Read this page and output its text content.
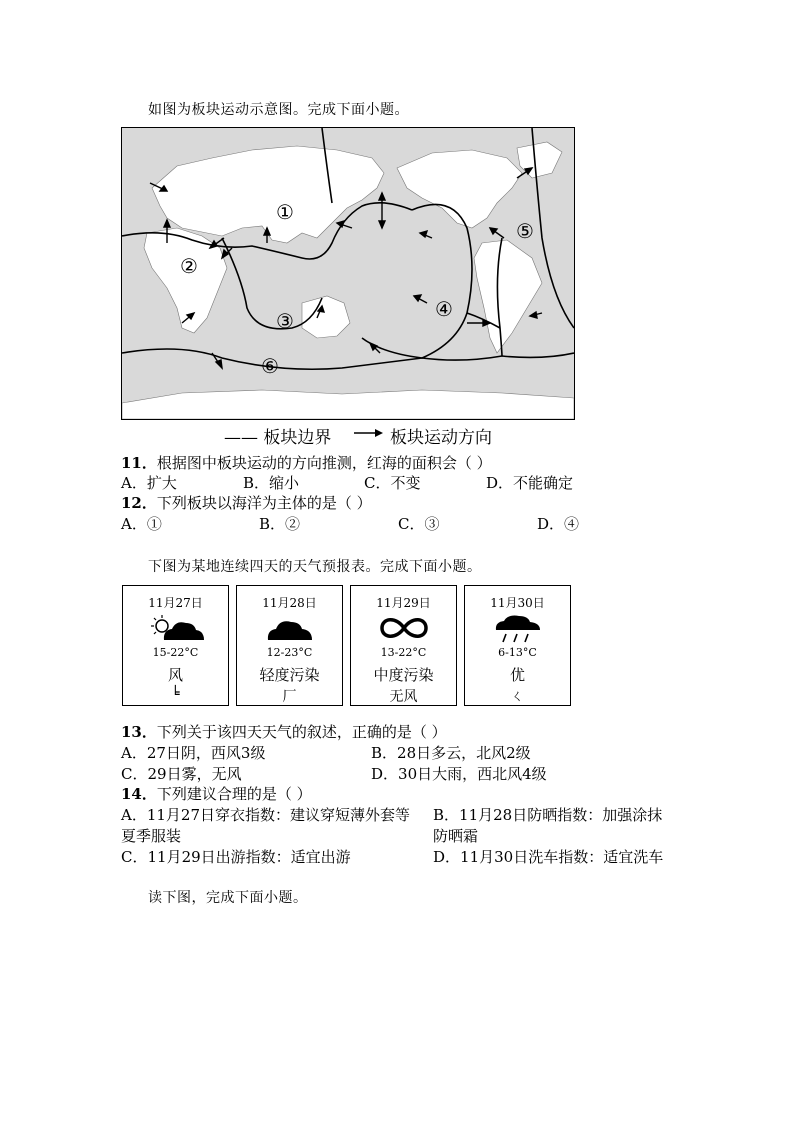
如图为板块运动示意图。完成下面小题。
①
②
③	④
⑤
⑥
—— 板块边界	板块运动方向
11．根据图中板块运动的方向推测，红海的面积会（ ）
A．扩大	B．缩小	C．不变	D．不能确定
12．下列板块以海洋为主体的是（ ）
A．①	B．②	C．③	D．④
下图为某地连续四天的天气预报表。完成下面小题。
11月27日
15-22°C
风
╘
11月28日
12-23°C
轻度污染
厂
11月29日
13-22°C
中度污染
无风
11月30日
6-13°C
优
ㄑ
13．下列关于该四天天气的叙述，正确的是（ ）
A．27日阴，西风3级	B．28日多云，北风2级
C．29日雾，无风	D．30日大雨，西北风4级
14．下列建议合理的是（ ）
A．11月27日穿衣指数：建议穿短薄外套等
夏季服装
B．11月28日防晒指数：加强涂抹
防晒霜
C．11月29日出游指数：适宜出游	D．11月30日洗车指数：适宜洗车
读下图，完成下面小题。
